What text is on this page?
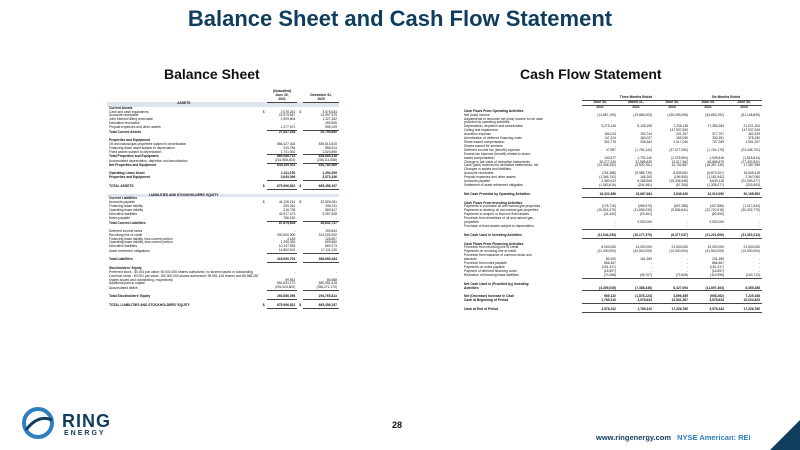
Balance Sheet and Cash Flow Statement
Balance Sheet	Cash Flow Statement
		(Unaudited)		
		June 30,		December 31,
		2021		2020
ASSETS				
Current Assets				
Cash and cash equivalents	$	3,576,242	$	3,578,634
Accounts receivable		21,979,567		14,997,979
Joint interest billing receivable		1,909,804		1,327,262
Derivative receivable		-		499,906
Prepaid expenses and other assets		1,377,671		596,109
Total Current Assets		27,837,284		20,795,890

Properties and Equipment				
Oil and natural gas properties subject to amortization		856,427,026		839,514,815
Financing lease asset subject to depreciation		919,784		858,513
Fixed assets subject to depreciation		1,741,902		1,520,890
Total Properties and Equipment		860,088,714		838,894,218
Accumulated depreciation, depletion and amortization		(216,988,403)		(208,111,658)
Net Properties and Equipment		643,100,311		630,782,560

Operating Lease Asset		1,411,150		1,494,399
Properties and Equipment		3,649,096		3,573,346

TOTAL ASSETS	$	675,996,822	$	665,456,197

LIABILITIES AND STOCKHOLDERS' EQUITY				
Current Liabilities				
Accounts payable	$	44,126,214	$	32,509,081
Financing lease liability		259,261		255,011
Operating lease liability		216,736		869,817
Derivative liabilities		42,517,473		3,287,528
Notes payable		756,150		-
Total Current Liabilities		87,875,628		36,841,737

Deferred income taxes		-		190,844
Revolving line of credit		300,500,000		313,000,000
Financing lease liability, less current portion		4,183		126,807
Operating lease liability, less current portion		1,295,330		809,560
Derivative liabilities		10,147,983		869,273
Asset retirement obligations		14,862,602		17,111,130

Total Liabilities		415,090,703		368,680,284

Stockholders' Equity				
Preferred stock - $0.001 par value; 50,000,000 shares authorized; no shares issued or outstanding		-		-
Common stock - $0.001 par value; 150,000,000 shares authorized; 99,551,145 shares and 85,568,287				
shares issued and outstanding, respectively		99,551		85,568
Additional paid-in capital		551,831,170		550,951,415
Accumulated deficit		(291,024,602)		(256,271,170)

Total Stockholders' Equity		260,856,096		294,765,813

TOTAL LIABILITIES AND STOCKHOLDERS' EQUITY	$	675,996,822	$	665,456,197
	Three Months Ended			Six Months Ended	
	June 30,	March 31,	June 30,	June 30,	June 30,
	2021	2021	2020	2021	2020
Cash Flows From Operating Activities					
Net (loss) income	(14,887,190)	(19,866,003)	(135,009,096)	(34,853,292)	(61,148,849)
Adjustments to reconcile net (loss) income to net cash					
provided by operating activities:					
Depreciation, depletion and amortization	9,275,126	8,108,155	7,236,138	17,383,284	21,021,104
Ceiling test impairment	-	-	147,937,943	-	147,937,943
Accretion expense	184,013	193,744	231,297	377,757	463,329
Amortization of deferred financing costs	147,224	183,027	189,050	330,251	378,150
Share-based compensation	301,775	335,464	1,017,040	707,269	1,991,207
Shares issued for services	-	-	-	-	-
Deferred income tax (benefit) expense	47,987	(1,792,140)	(37,077,050)	(1,744,175)	(23,448,702)
Excess tax expense (benefit) related to share-					
based compensation	140,677	1,792,140	(2,078,594)	1,939,818	(1,518,814)
Change in fair value of derivative instruments	30,277,240	31,588,839	13,017,962	66,866,679	(27,402,841)
Cash (paid) received for derivative settlements, net	(12,438,332)	(5,920,761)	10,752,857	(18,357,139)	17,087,996
Changes in assets and liabilities:					
Accounts receivable	(764,388)	(5,988,739)	8,639,061	(6,673,207)	15,545,418
Prepaid expenses and other assets	(1,346,742)	165,200	(196,550)	(1,181,542)	2,367,060
Accounts payable	2,380,612	6,258,506	(15,436,648)	8,639,118	(22,093,677)
Settlement of asset retirement obligation	(1,083,616)	(244,461)	(57,308)	(1,328,077)	(203,953)

Net Cash Provided by Operating Activities	16,322,386	15,687,664	2,646,326	32,010,050	30,168,583

Cash Flows From Investing Activities					
Payments to purchase oil and natural gas properties	(178,716)	(258,970)	(537,388)	(437,686)	(1,017,634)
Payments to develop oil and natural gas properties	(10,824,079)	(11,896,939)	(5,836,641)	(22,720,018)	(30,302,779)
Payments to acquire or improve fixed assets	(41,440)	(19,461)	-	(60,900)	-
Proceeds from divestiture of oil and natural gas					
properties	-	2,000,000	-	2,000,000	-
Purchase of fixed assets subject to depreciation	-	-	-	-	-

Net Cash Used in Investing Activities	(11,044,236)	(10,177,370)	(6,377,037)	(21,221,606)	(31,320,213)

Cash Flows From Financing Activities					
Proceeds from revolving line of credit	6,000,000	13,000,000	21,500,000	19,000,000	21,500,000
Payments on revolving line of credit	(11,000,000)	(20,500,000)	(10,000,000)	(31,500,000)	(13,000,000)
Proceeds from issuance of common stock and					
warrants	80,000	161,269	-	241,269	-
Proceeds from notes payable	866,467	-	-	866,467	-
Payments on notes payable	(151,317)	-	-	(151,317)	-
Payment of deferred financing costs	(16,897)	-	-	(16,897)	-
Reduction of financing lease liabilities	(70,288)	(49,707)	(72,606)	(119,995)	(140,712)

Net Cash Used in (Provided by) Investing					
Activities	(4,309,035)	(7,388,438)	6,427,094	(11,697,463)	8,359,288

Net (Decrease) Increase in Cash	969,132	(1,878,124)	4,696,355	(908,262)	7,225,168
Cash at Beginning of Period	1,789,310	3,578,634	12,531,387	3,578,634	10,024,823

Cash at End of Period	3,576,242	1,789,310	17,226,780	3,576,242	17,226,780
RING
ENERGY
28
www.ringenergy.com NYSE American: REI
